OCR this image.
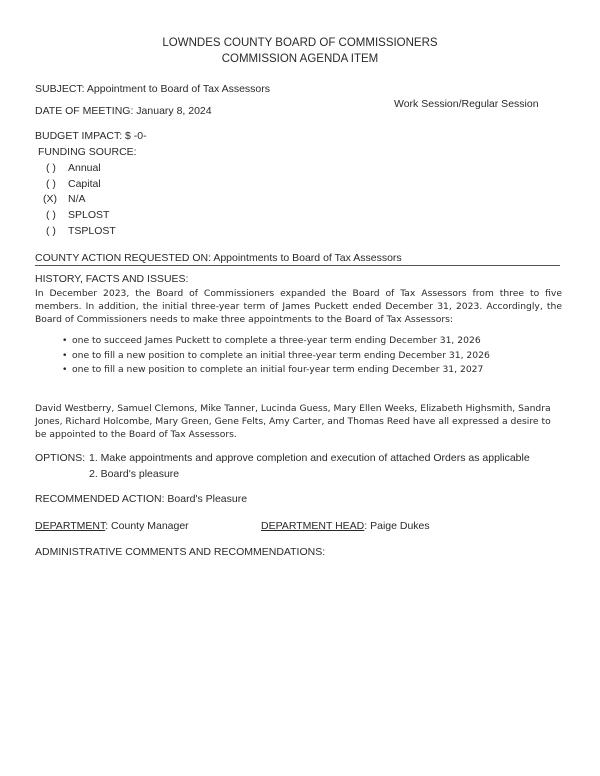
LOWNDES COUNTY BOARD OF COMMISSIONERS
COMMISSION AGENDA ITEM
SUBJECT: Appointment to Board of Tax Assessors
DATE OF MEETING: January 8, 2024
Work Session/Regular Session
BUDGET IMPACT: $ -0-
FUNDING SOURCE:
( ) Annual
( ) Capital
(X) N/A
( ) SPLOST
( ) TSPLOST
COUNTY ACTION REQUESTED ON: Appointments to Board of Tax Assessors
HISTORY, FACTS AND ISSUES:
In December 2023, the Board of Commissioners expanded the Board of Tax Assessors from three to five members. In addition, the initial three-year term of James Puckett ended December 31, 2023. Accordingly, the Board of Commissioners needs to make three appointments to the Board of Tax Assessors:
• one to succeed James Puckett to complete a three-year term ending December 31, 2026
• one to fill a new position to complete an initial three-year term ending December 31, 2026
• one to fill a new position to complete an initial four-year term ending December 31, 2027
David Westberry, Samuel Clemons, Mike Tanner, Lucinda Guess, Mary Ellen Weeks, Elizabeth Highsmith, Sandra Jones, Richard Holcombe, Mary Green, Gene Felts, Amy Carter, and Thomas Reed have all expressed a desire to be appointed to the Board of Tax Assessors.
OPTIONS: 1. Make appointments and approve completion and execution of attached Orders as applicable
2. Board's pleasure
RECOMMENDED ACTION: Board's Pleasure
DEPARTMENT: County Manager	DEPARTMENT HEAD: Paige Dukes
ADMINISTRATIVE COMMENTS AND RECOMMENDATIONS:
